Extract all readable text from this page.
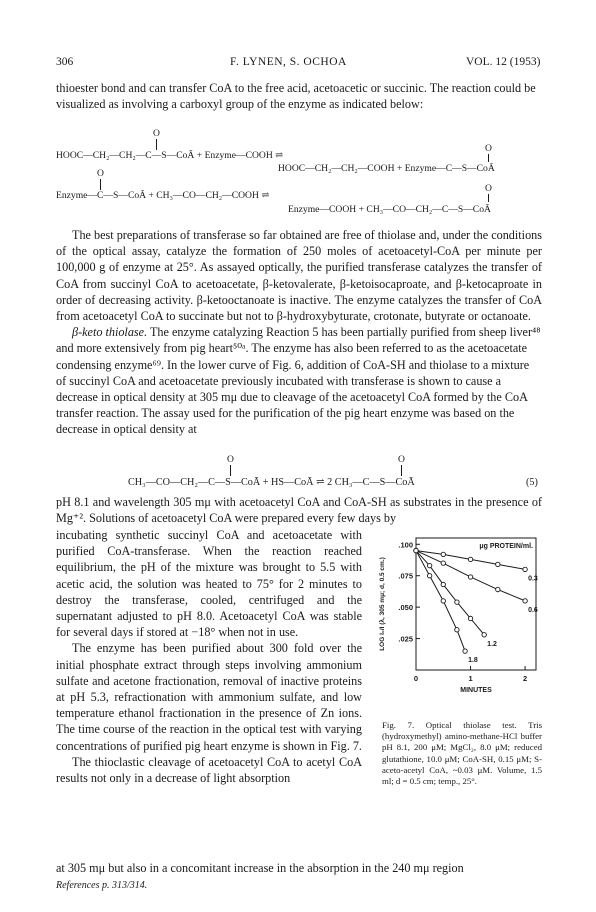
306	F. LYNEN, S. OCHOA	VOL. 12 (1953)

thioester bond and can transfer CoA to the free acid, acetoacetic or succinic. The reaction could be visualized as involving a carboxyl group of the enzyme as indicated below:

O
HOOC—CH₂—CH₂—C—S—CoĀ + Enzyme—COOH ⇌
O
HOOC—CH₂—CH₂—COOH + Enzyme—C—S—CoĀ
O
Enzyme—C—S—CoĀ + CH₃—CO—CH₂—COOH ⇌
O
Enzyme—COOH + CH₃—CO—CH₂—C—S—CoĀ

The best preparations of transferase so far obtained are free of thiolase and, under the conditions of the optical assay, catalyze the formation of 250 moles of acetoacetyl-CoA per minute per 100,000 g of enzyme at 25°. As assayed optically, the purified transferase catalyzes the transfer of CoA from succinyl CoA to acetoacetate, β-ketovalerate, β-ketoisocaproate, and β-ketocaproate in order of decreasing activity. β-ketooctanoate is inactive. The enzyme catalyzes the transfer of CoA from acetoacetyl CoA to succinate but not to β-hydroxybyturate, crotonate, butyrate or octanoate.

β-keto thiolase. The enzyme catalyzing Reaction 5 has been partially purified from sheep liver⁴⁸ and more extensively from pig heart⁵⁰ᵃ. The enzyme has also been referred to as the acetoacetate condensing enzyme⁶⁹. In the lower curve of Fig. 6, addition of CoA-SH and thiolase to a mixture of succinyl CoA and acetoacetate previously incubated with transferase is shown to cause a decrease in optical density at 305 mμ due to cleavage of the acetoacetyl CoA formed by the CoA transfer reaction. The assay used for the purification of the pig heart enzyme was based on the decrease in optical density at

O	O
CH₃—CO—CH₂—C—S—CoĀ + HS—CoĀ ⇌ 2 CH₃—C—S—CoĀ	(5)

pH 8.1 and wavelength 305 mμ with acetoacetyl CoA and CoA-SH as substrates in the presence of Mg⁺². Solutions of acetoacetyl CoA were prepared every few days by

incubating synthetic succinyl CoA and acetoacetate with purified CoA-transferase. When the reaction reached equilibrium, the pH of the mixture was brought to 5.5 with acetic acid, the solution was heated to 75° for 2 minutes to destroy the transferase, cooled, centrifuged and the supernatant adjusted to pH 8.0. Acetoacetyl CoA was stable for several days if stored at −18° when not in use.

The enzyme has been purified about 300 fold over the initial phosphate extract through steps involving ammonium sulfate and acetone fractionation, removal of inactive proteins at pH 5.3, refractionation with ammonium sulfate, and low temperature ethanol fractionation in the presence of Zn ions. The time course of the reaction in the optical test with varying concentrations of purified pig heart enzyme is shown in Fig. 7.

The thioclastic cleavage of acetoacetyl CoA to acetyl CoA results not only in a decrease of light absorption

at 305 mμ but also in a concomitant increase in the absorption in the 240 mμ region

References p. 313/314.
.025
.050
.075
.100
0	1	2
MINUTES
LOG I₀/I (λ, 305 mμ; d, 0.5 cm.)
μg PROTEIN/ml.
0.3
0.6
1.2
1.8
Fig. 7. Optical thiolase test. Tris (hydroxymethyl) amino-methane-HCl buffer pH 8.1, 200 μM; MgCl₂, 8.0 μM; reduced glutathione, 10.0 μM; CoA-SH, 0.15 μM; S-aceto-acetyl CoA, ~0.03 μM. Volume, 1.5 ml; d = 0.5 cm; temp., 25°.
